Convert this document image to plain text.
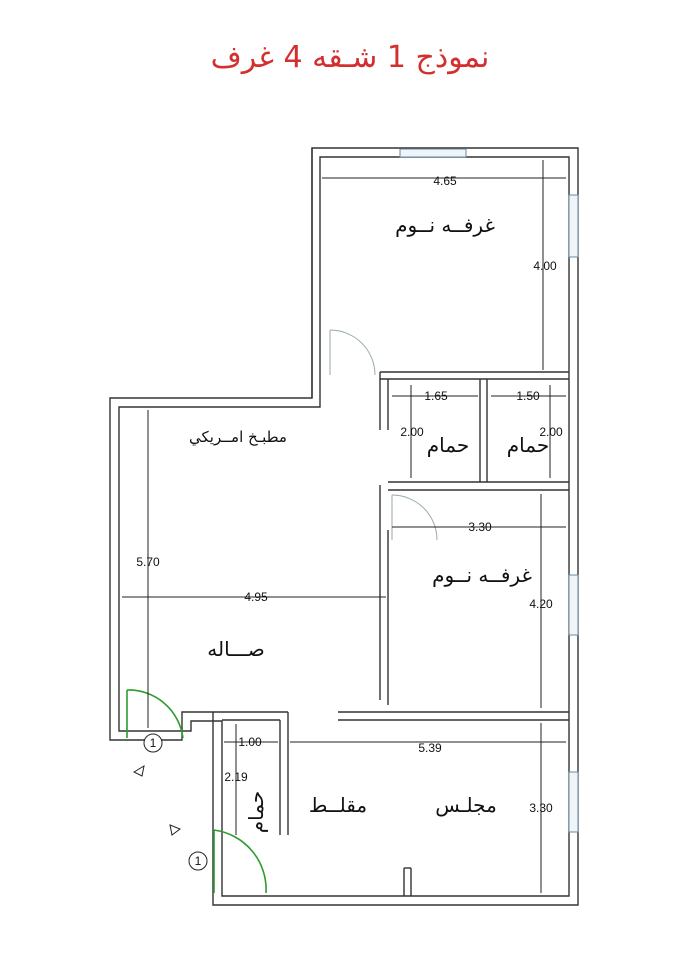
نموذج 1 شـقه 4 غرف
4.65
4.00
1.65
2.00
1.50
2.00
3.30
5.70
4.95	4.20
1.00	5.39
2.19
3.30
غرفــه نــوم
مطبـخ امــريكي	حمام حمام
غرفــه نــوم
صـــاله
حمام مقلــط	مجلـس
1
1
